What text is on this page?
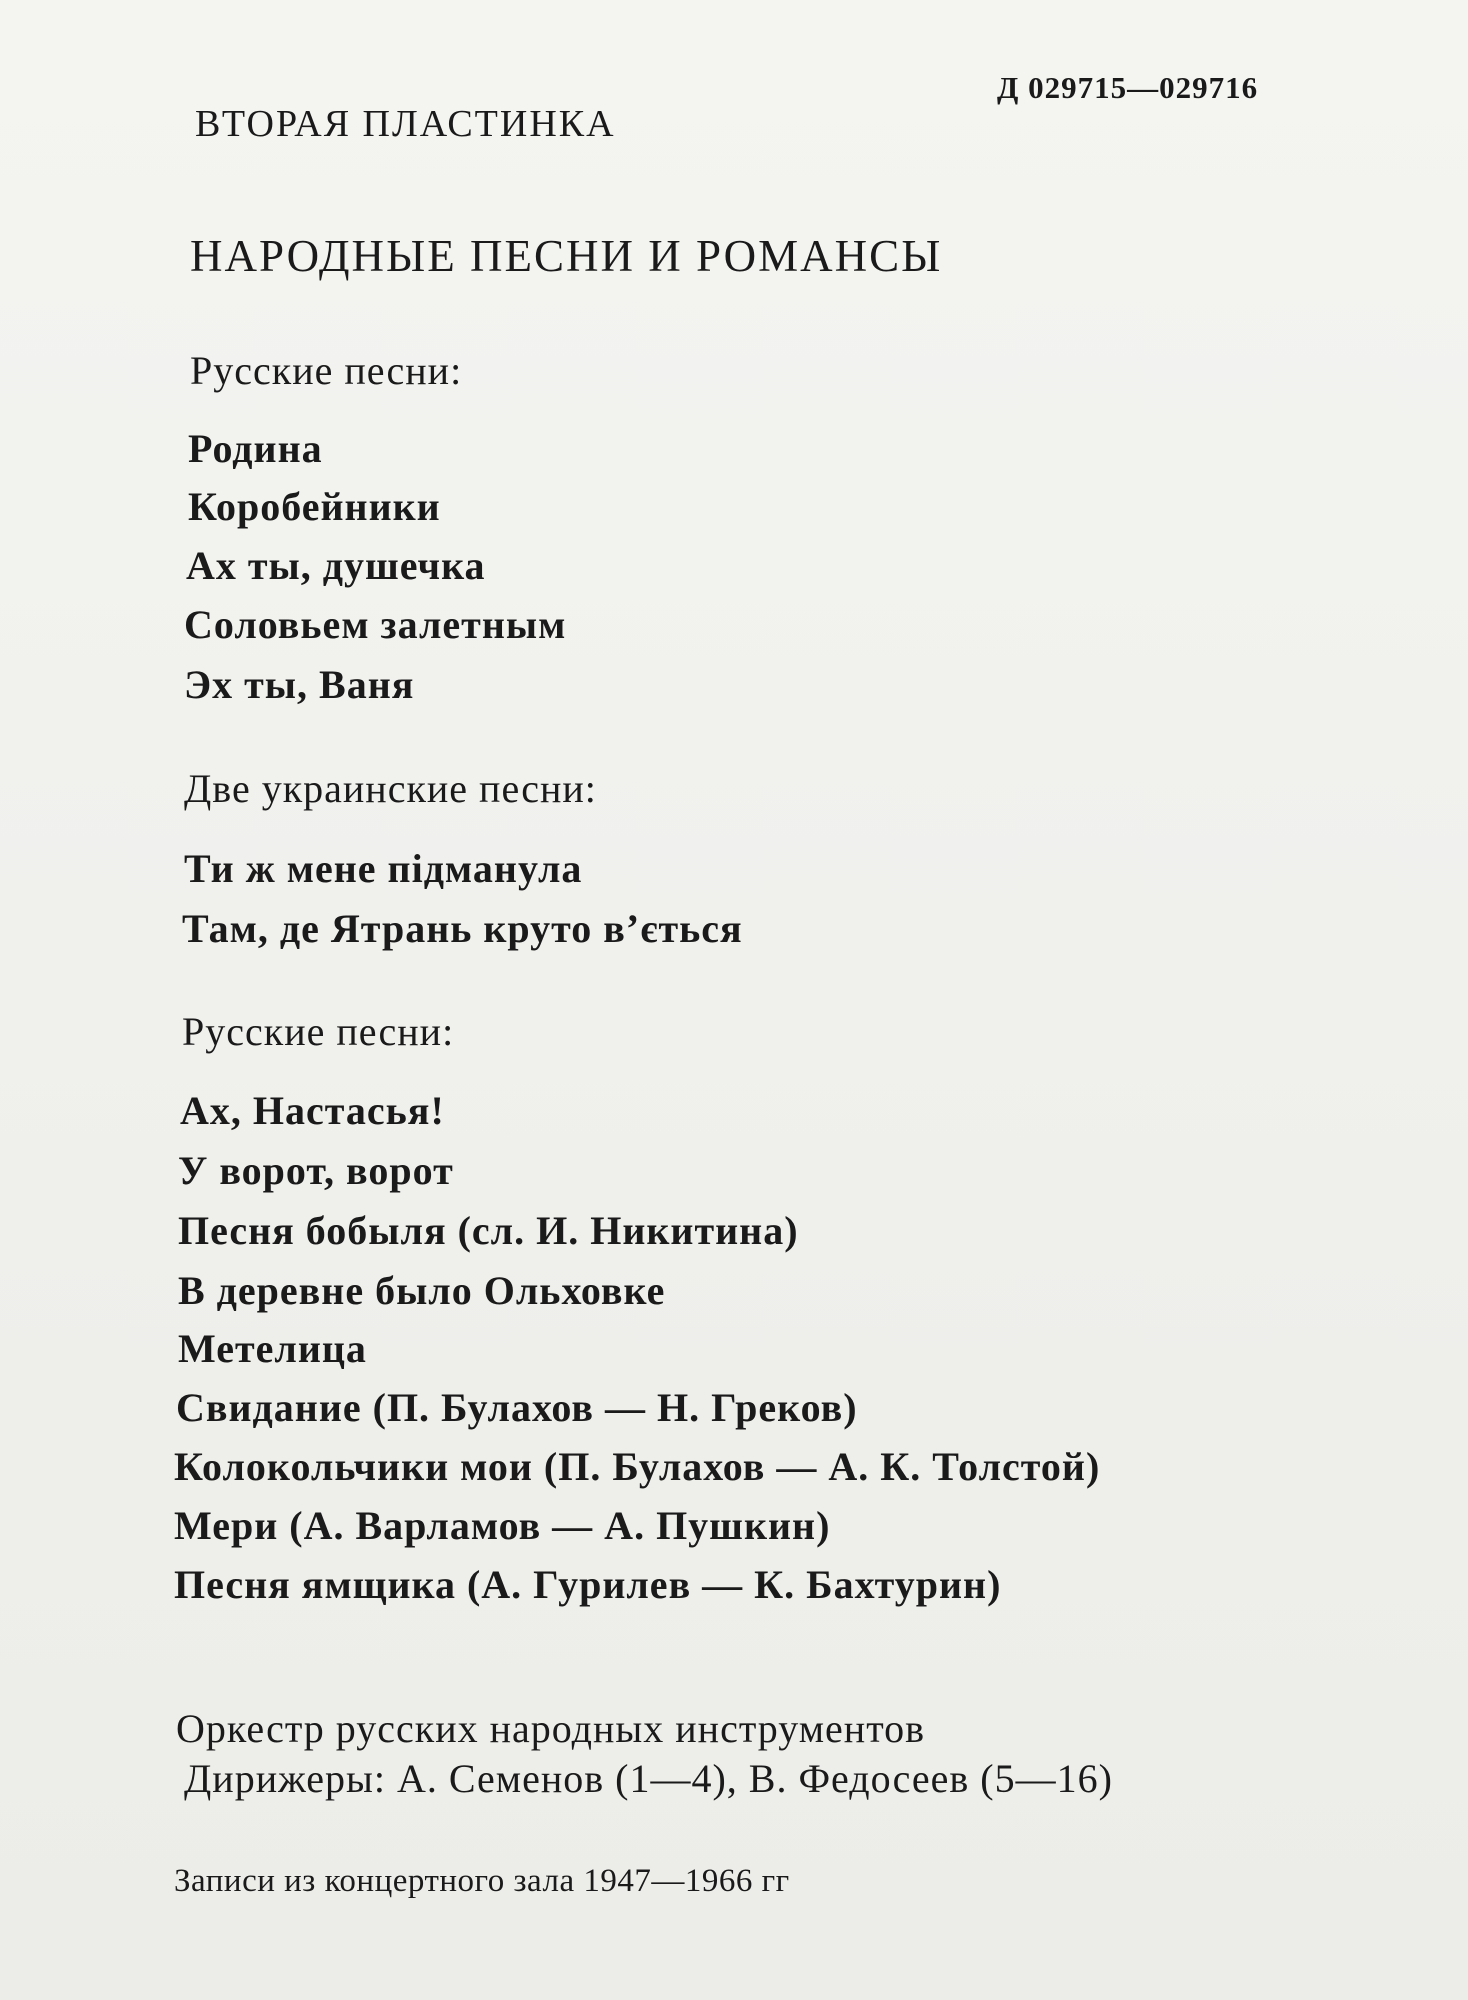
Д 029715—029716
ВТОРАЯ ПЛАСТИНКА
НАРОДНЫЕ ПЕСНИ И РОМАНСЫ
Русские песни:
Родина
Коробейники
Ах ты, душечка
Соловьем залетным
Эх ты, Ваня
Две украинские песни:
Ти ж мене підманула
Там, де Ятрань круто в’ється
Русские песни:
Ах, Настасья!
У ворот, ворот
Песня бобыля (сл. И. Никитина)
В деревне было Ольховке
Метелица
Свидание (П. Булахов — Н. Греков)
Колокольчики мои (П. Булахов — А. К. Толстой)
Мери (А. Варламов — А. Пушкин)
Песня ямщика (А. Гурилев — К. Бахтурин)
Оркестр русских народных инструментов
Дирижеры: А. Семенов (1—4), В. Федосеев (5—16)
Записи из концертного зала 1947—1966 гг
